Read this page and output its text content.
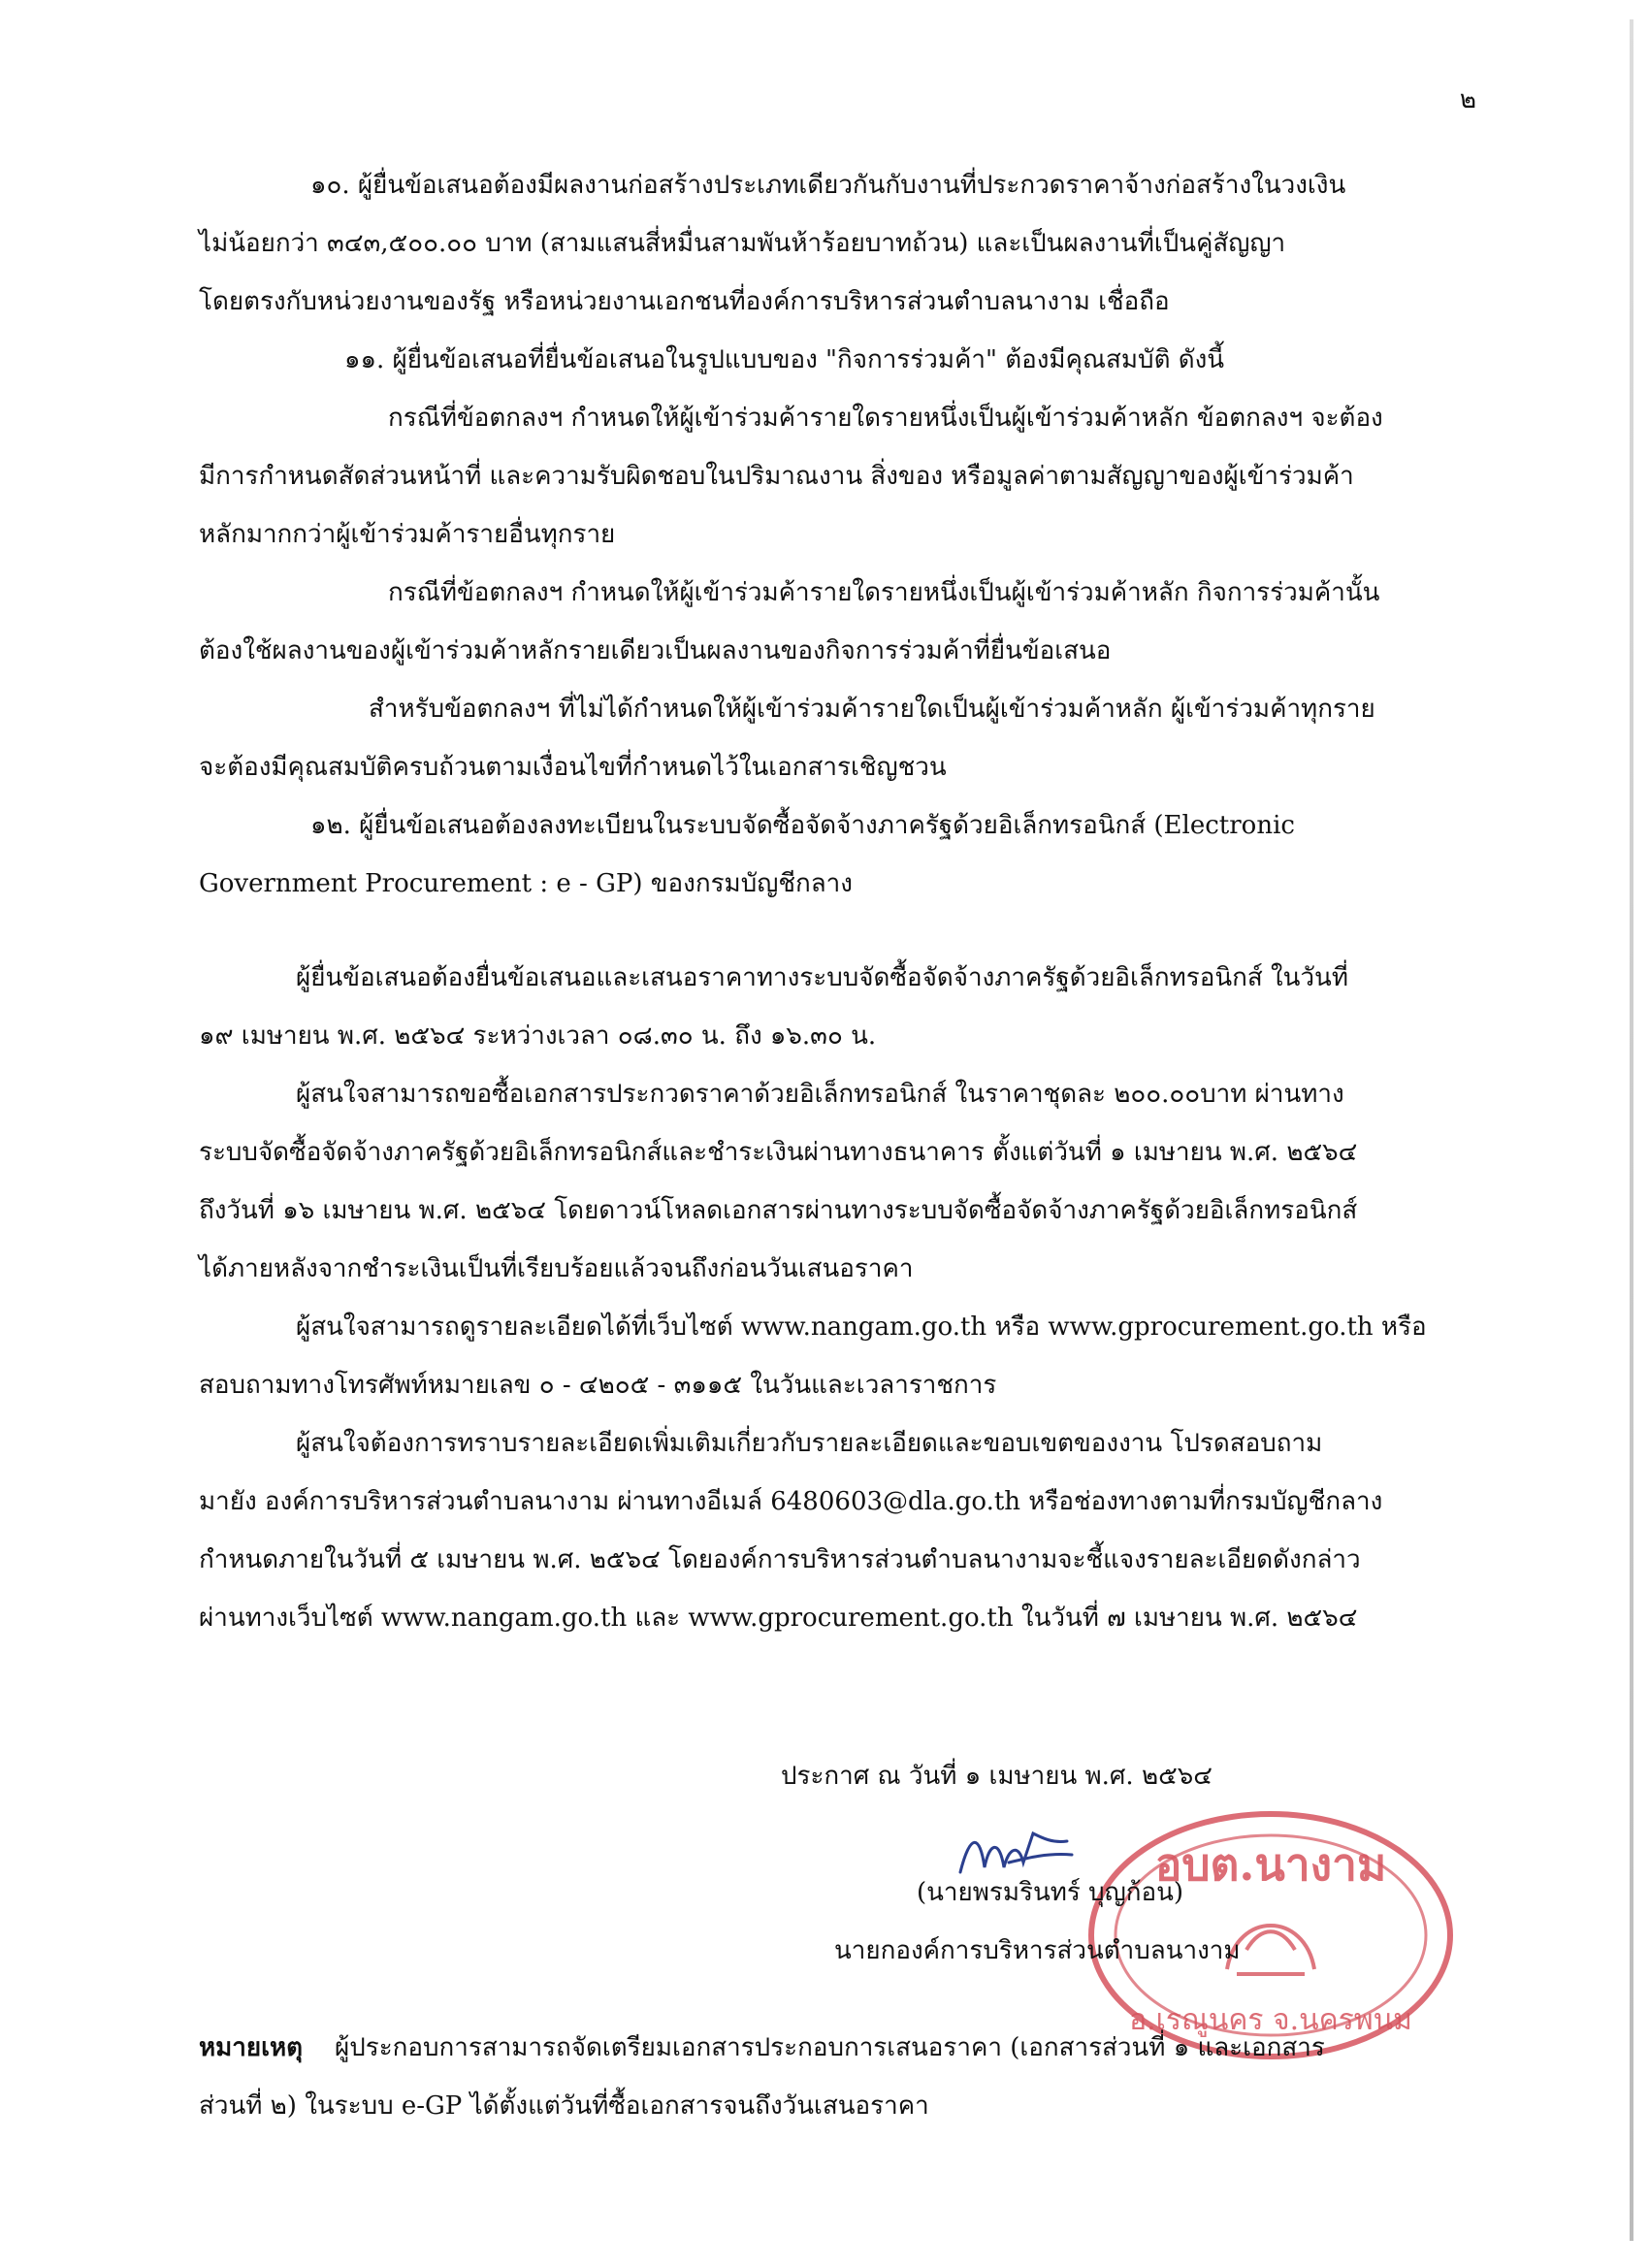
๒
๑๐. ผู้ยื่นข้อเสนอต้องมีผลงานก่อสร้างประเภทเดียวกันกับงานที่ประกวดราคาจ้างก่อสร้างในวงเงิน
ไม่น้อยกว่า ๓๔๓,๕๐๐.๐๐ บาท (สามแสนสี่หมื่นสามพันห้าร้อยบาทถ้วน) และเป็นผลงานที่เป็นคู่สัญญา
โดยตรงกับหน่วยงานของรัฐ หรือหน่วยงานเอกชนที่องค์การบริหารส่วนตำบลนางาม เชื่อถือ
๑๑. ผู้ยื่นข้อเสนอที่ยื่นข้อเสนอในรูปแบบของ "กิจการร่วมค้า" ต้องมีคุณสมบัติ ดังนี้
กรณีที่ข้อตกลงฯ กำหนดให้ผู้เข้าร่วมค้ารายใดรายหนึ่งเป็นผู้เข้าร่วมค้าหลัก ข้อตกลงฯ จะต้อง
มีการกำหนดสัดส่วนหน้าที่ และความรับผิดชอบในปริมาณงาน สิ่งของ หรือมูลค่าตามสัญญาของผู้เข้าร่วมค้า
หลักมากกว่าผู้เข้าร่วมค้ารายอื่นทุกราย
กรณีที่ข้อตกลงฯ กำหนดให้ผู้เข้าร่วมค้ารายใดรายหนึ่งเป็นผู้เข้าร่วมค้าหลัก กิจการร่วมค้านั้น
ต้องใช้ผลงานของผู้เข้าร่วมค้าหลักรายเดียวเป็นผลงานของกิจการร่วมค้าที่ยื่นข้อเสนอ
สำหรับข้อตกลงฯ ที่ไม่ได้กำหนดให้ผู้เข้าร่วมค้ารายใดเป็นผู้เข้าร่วมค้าหลัก ผู้เข้าร่วมค้าทุกราย
จะต้องมีคุณสมบัติครบถ้วนตามเงื่อนไขที่กำหนดไว้ในเอกสารเชิญชวน
๑๒. ผู้ยื่นข้อเสนอต้องลงทะเบียนในระบบจัดซื้อจัดจ้างภาครัฐด้วยอิเล็กทรอนิกส์ (Electronic
Government Procurement : e - GP) ของกรมบัญชีกลาง
ผู้ยื่นข้อเสนอต้องยื่นข้อเสนอและเสนอราคาทางระบบจัดซื้อจัดจ้างภาครัฐด้วยอิเล็กทรอนิกส์ ในวันที่
๑๙ เมษายน พ.ศ. ๒๕๖๔ ระหว่างเวลา ๐๘.๓๐ น. ถึง ๑๖.๓๐ น.
ผู้สนใจสามารถขอซื้อเอกสารประกวดราคาด้วยอิเล็กทรอนิกส์ ในราคาชุดละ ๒๐๐.๐๐บาท ผ่านทาง
ระบบจัดซื้อจัดจ้างภาครัฐด้วยอิเล็กทรอนิกส์และชำระเงินผ่านทางธนาคาร ตั้งแต่วันที่ ๑ เมษายน พ.ศ. ๒๕๖๔
ถึงวันที่ ๑๖ เมษายน พ.ศ. ๒๕๖๔ โดยดาวน์โหลดเอกสารผ่านทางระบบจัดซื้อจัดจ้างภาครัฐด้วยอิเล็กทรอนิกส์
ได้ภายหลังจากชำระเงินเป็นที่เรียบร้อยแล้วจนถึงก่อนวันเสนอราคา
ผู้สนใจสามารถดูรายละเอียดได้ที่เว็บไซต์ www.nangam.go.th หรือ www.gprocurement.go.th หรือ
สอบถามทางโทรศัพท์หมายเลข ๐ - ๔๒๐๕ - ๓๑๑๕ ในวันและเวลาราชการ
ผู้สนใจต้องการทราบรายละเอียดเพิ่มเติมเกี่ยวกับรายละเอียดและขอบเขตของงาน โปรดสอบถาม
มายัง องค์การบริหารส่วนตำบลนางาม ผ่านทางอีเมล์ 6480603@dla.go.th หรือช่องทางตามที่กรมบัญชีกลาง
กำหนดภายในวันที่ ๕ เมษายน พ.ศ. ๒๕๖๔ โดยองค์การบริหารส่วนตำบลนางามจะชี้แจงรายละเอียดดังกล่าว
ผ่านทางเว็บไซต์ www.nangam.go.th และ www.gprocurement.go.th ในวันที่ ๗ เมษายน พ.ศ. ๒๕๖๔
ประกาศ ณ วันที่ ๑ เมษายน พ.ศ. ๒๕๖๔
อบต.นางาม
อ.เรณูนคร จ.นครพนม
(นายพรมรินทร์ บุญก้อน)
นายกองค์การบริหารส่วนตำบลนางาม
หมายเหตุ ผู้ประกอบการสามารถจัดเตรียมเอกสารประกอบการเสนอราคา (เอกสารส่วนที่ ๑ และเอกสาร
ส่วนที่ ๒) ในระบบ e-GP ได้ตั้งแต่วันที่ซื้อเอกสารจนถึงวันเสนอราคา
